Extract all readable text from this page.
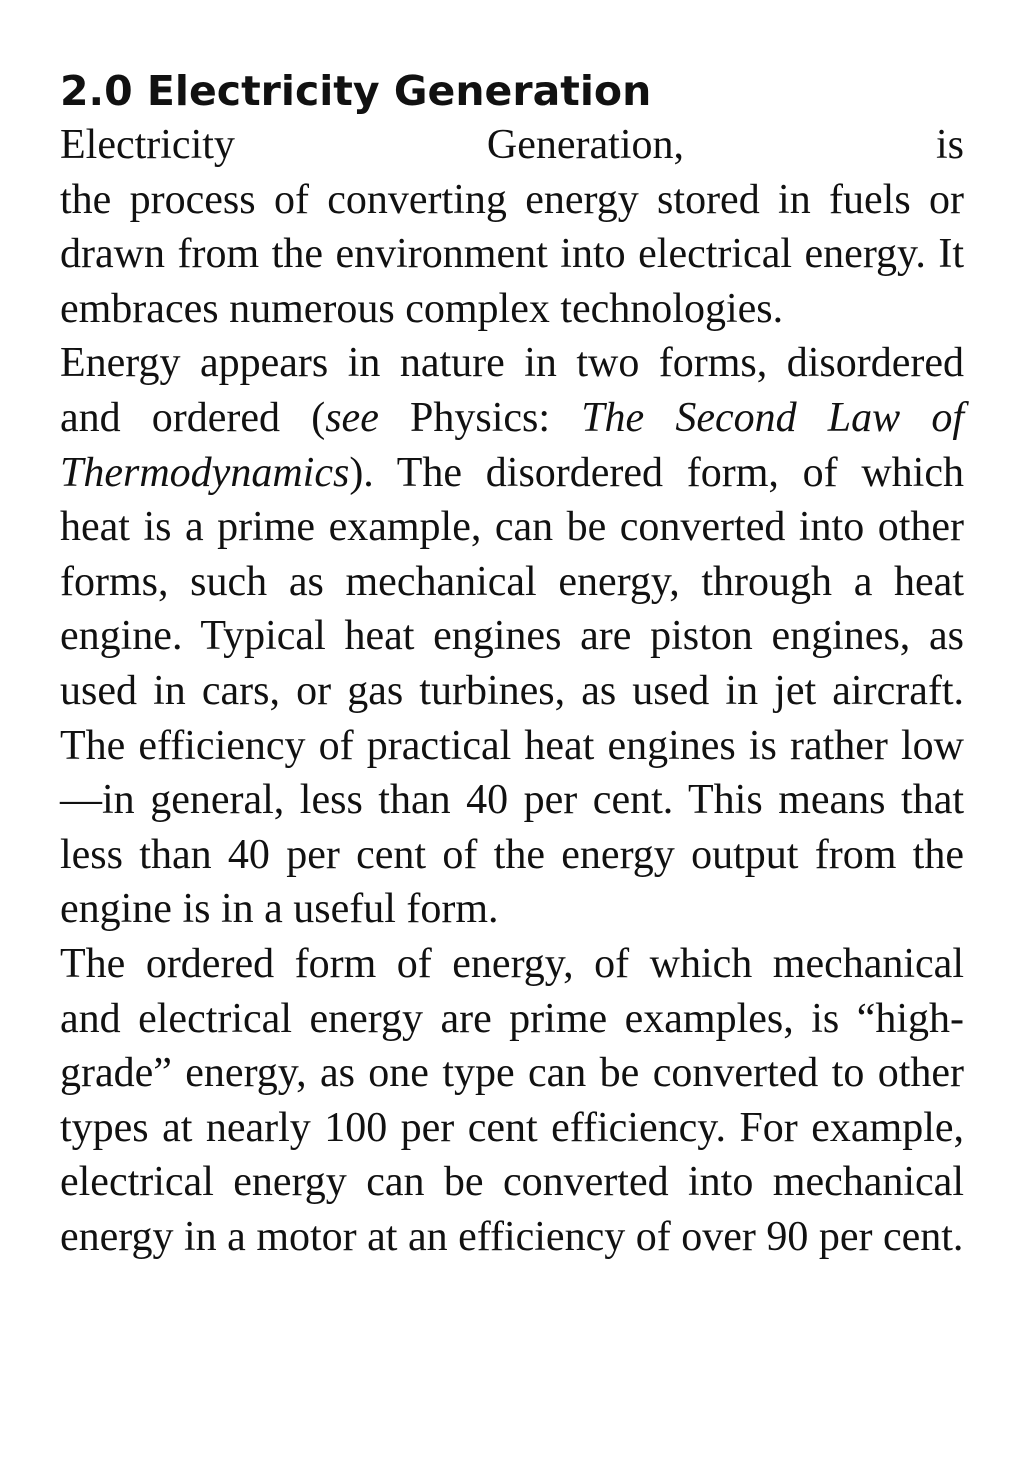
2.0 Electricity Generation

Electricity	Generation,	is
the process of converting energy stored in fuels or drawn from the environment into electrical energy. It embraces numerous complex technologies.

Energy appears in nature in two forms, disordered and ordered (see Physics: The Second Law of Thermodynamics). The disordered form, of which heat is a prime example, can be converted into other forms, such as mechanical energy, through a heat engine. Typical heat engines are piston engines, as used in cars, or gas turbines, as used in jet aircraft. The efficiency of practical heat engines is rather low—in general, less than 40 per cent. This means that less than 40 per cent of the energy output from the engine is in a useful form.

The ordered form of energy, of which mechanical and electrical energy are prime examples, is “high-grade” energy, as one type can be converted to other types at nearly 100 per cent efficiency. For example, electrical energy can be converted into mechanical energy in a motor at an efficiency of over 90 per cent.
